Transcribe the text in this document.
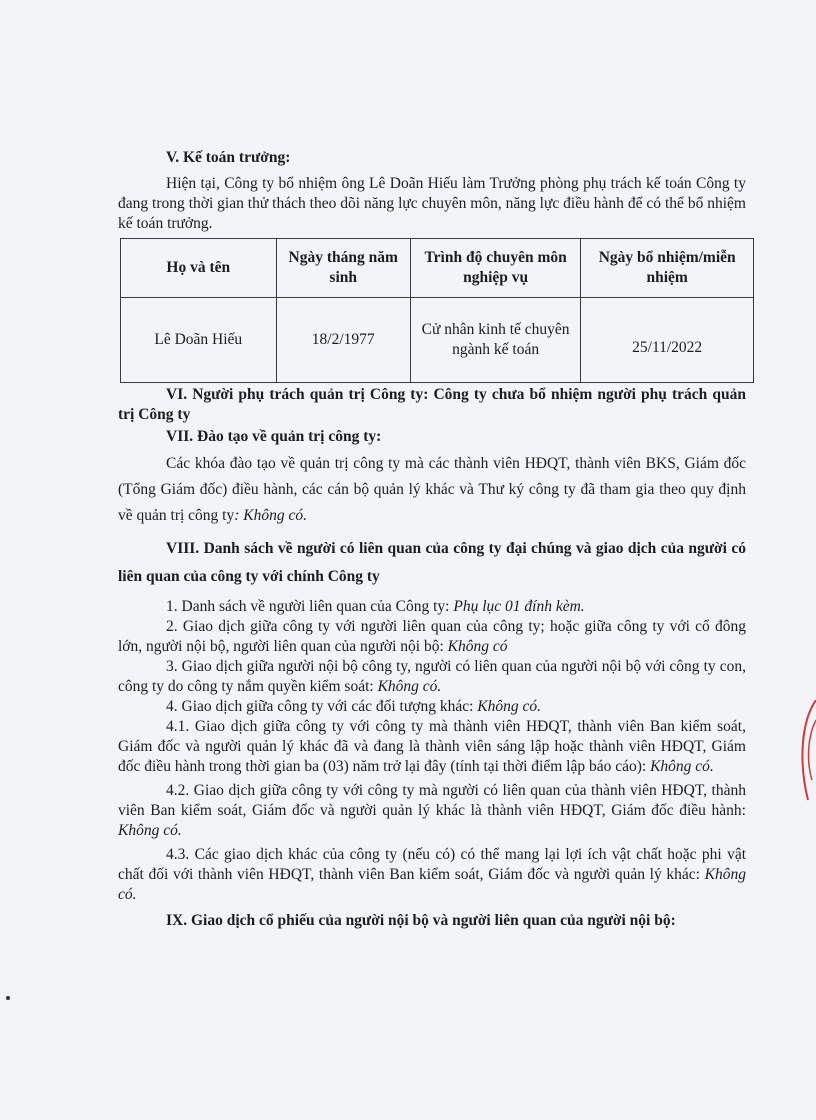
V. Kế toán trưởng:

Hiện tại, Công ty bổ nhiệm ông Lê Doãn Hiếu làm Trưởng phòng phụ trách kế toán Công ty đang trong thời gian thử thách theo dõi năng lực chuyên môn, năng lực điều hành để có thể bổ nhiệm kế toán trưởng.

Họ và tên	Ngày tháng năm sinh	Trình độ chuyên môn nghiệp vụ	Ngày bổ nhiệm/miễn nhiệm
Lê Doãn Hiếu	18/2/1977	Cử nhân kinh tế chuyên ngành kế toán	25/11/2022

VI. Người phụ trách quản trị Công ty: Công ty chưa bổ nhiệm người phụ trách quản trị Công ty

VII. Đào tạo về quản trị công ty:

Các khóa đào tạo về quản trị công ty mà các thành viên HĐQT, thành viên BKS, Giám đốc (Tổng Giám đốc) điều hành, các cán bộ quản lý khác và Thư ký công ty đã tham gia theo quy định về quản trị công ty: Không có.

VIII. Danh sách về người có liên quan của công ty đại chúng và giao dịch của người có liên quan của công ty với chính Công ty

1. Danh sách về người liên quan của Công ty: Phụ lục 01 đính kèm.

2. Giao dịch giữa công ty với người liên quan của công ty; hoặc giữa công ty với cổ đông lớn, người nội bộ, người liên quan của người nội bộ: Không có

3. Giao dịch giữa người nội bộ công ty, người có liên quan của người nội bộ với công ty con, công ty do công ty nắm quyền kiểm soát: Không có.

4. Giao dịch giữa công ty với các đối tượng khác: Không có.

4.1. Giao dịch giữa công ty với công ty mà thành viên HĐQT, thành viên Ban kiểm soát, Giám đốc và người quản lý khác đã và đang là thành viên sáng lập hoặc thành viên HĐQT, Giám đốc điều hành trong thời gian ba (03) năm trở lại đây (tính tại thời điểm lập báo cáo): Không có.

4.2. Giao dịch giữa công ty với công ty mà người có liên quan của thành viên HĐQT, thành viên Ban kiểm soát, Giám đốc và người quản lý khác là thành viên HĐQT, Giám đốc điều hành: Không có.

4.3. Các giao dịch khác của công ty (nếu có) có thể mang lại lợi ích vật chất hoặc phi vật chất đối với thành viên HĐQT, thành viên Ban kiểm soát, Giám đốc và người quản lý khác: Không có.

IX. Giao dịch cổ phiếu của người nội bộ và người liên quan của người nội bộ:
